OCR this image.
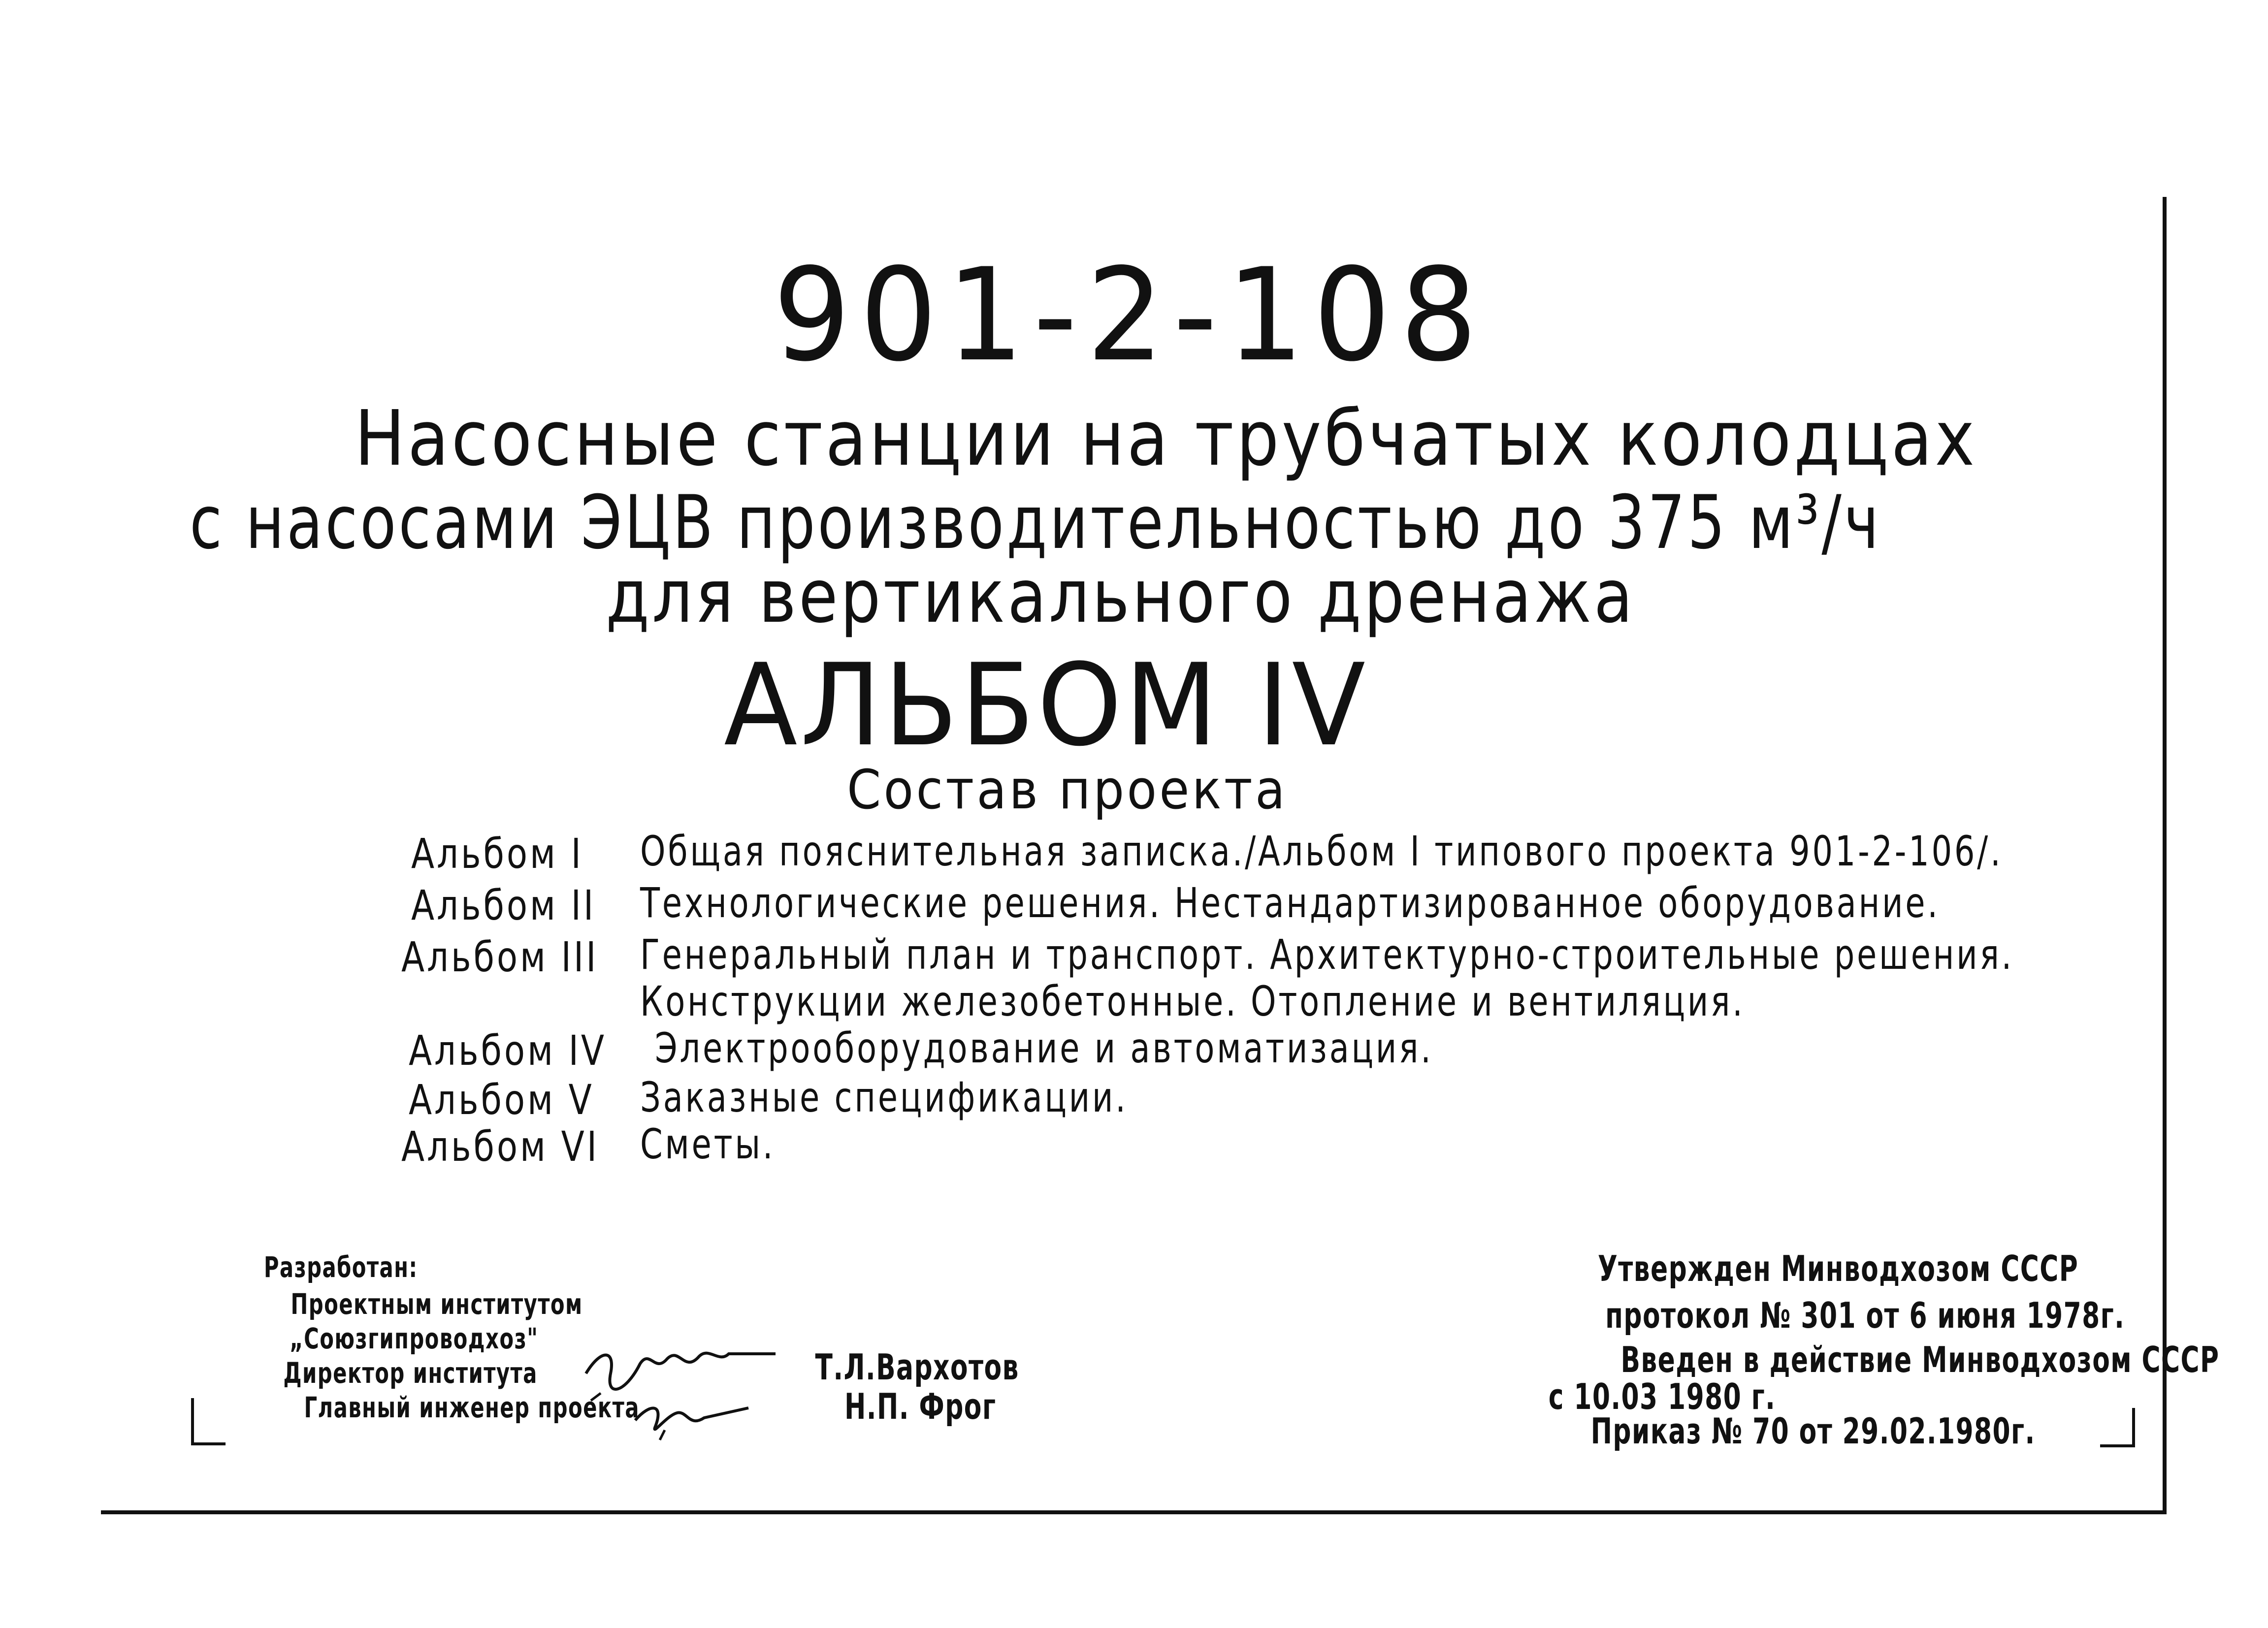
901-2-108
Насосные станции на трубчатых колодцах
с насосами ЭЦВ производительностью до 375 м³/ч
для вертикального дренажа
АЛЬБОМ IV
Состав проекта
Альбом I Общая пояснительная записка./Альбом I типового проекта 901-2-106/.
Альбом II Технологические решения. Нестандартизированное оборудование.
Альбом III Генеральный план и транспорт. Архитектурно-строительные решения.
Конструкции железобетонные. Отопление и вентиляция.
Альбом IV Электрооборудование и автоматизация.
Альбом V Заказные спецификации.
Альбом VI Сметы.
Разработан:
Проектным институтом
„Союзгипроводхоз"
Директор института
Главный инженер проекта
Т.Л.Вархотов
Н.П. Фрог
Утвержден Минводхозом СССР
протокол № 301 от 6 июня 1978г.
Введен в действие Минводхозом СССР
с 10.03 1980 г.
Приказ № 70 от 29.02.1980г.
